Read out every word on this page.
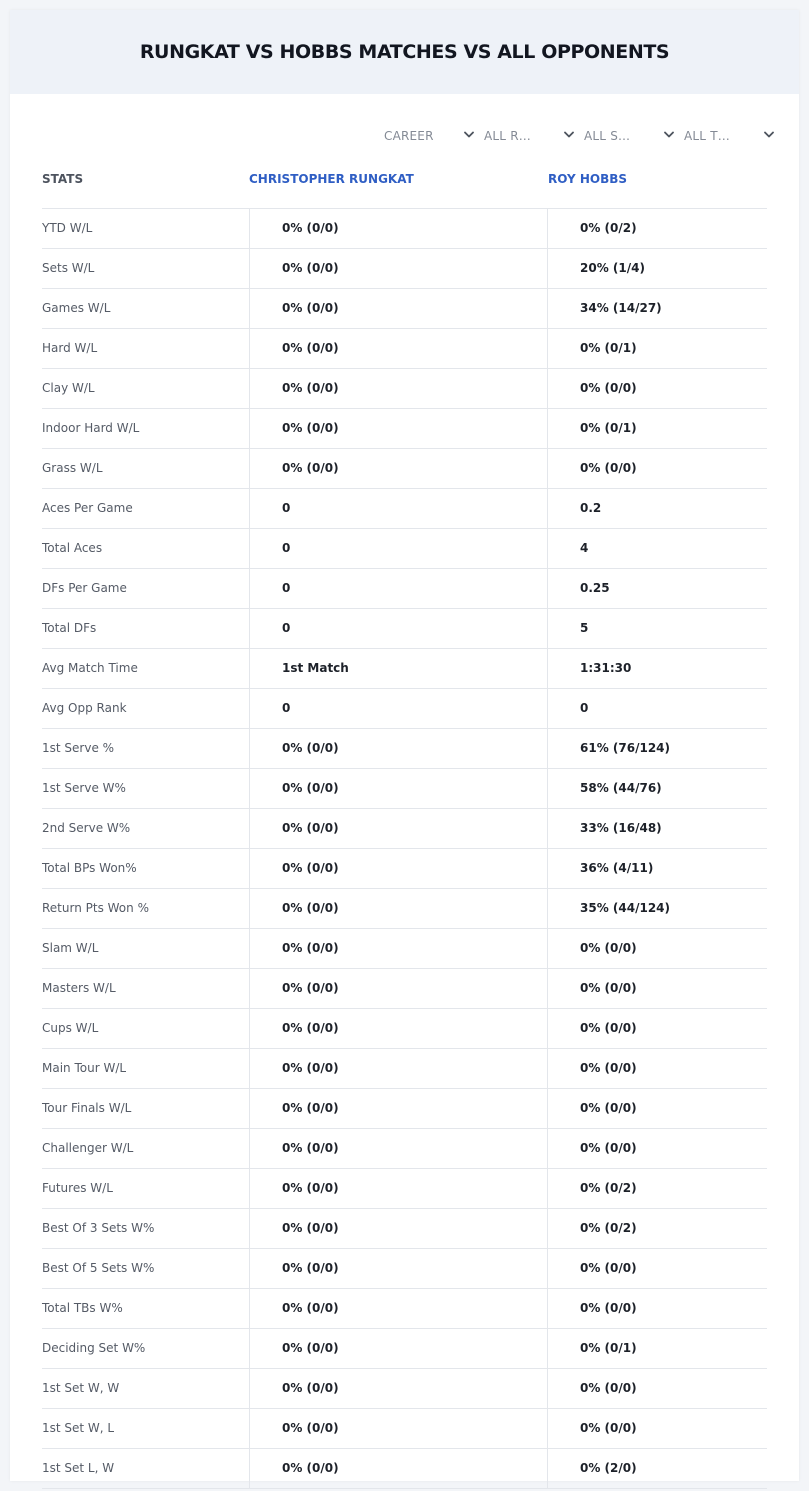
RUNGKAT VS HOBBS MATCHES VS ALL OPPONENTS
CAREER	ALL R…	ALL S…	ALL T…
STATS	CHRISTOPHER RUNGKAT	ROY HOBBS
YTD W/L	0% (0/0)	0% (0/2)
Sets W/L	0% (0/0)	20% (1/4)
Games W/L	0% (0/0)	34% (14/27)
Hard W/L	0% (0/0)	0% (0/1)
Clay W/L	0% (0/0)	0% (0/0)
Indoor Hard W/L	0% (0/0)	0% (0/1)
Grass W/L	0% (0/0)	0% (0/0)
Aces Per Game	0	0.2
Total Aces	0	4
DFs Per Game	0	0.25
Total DFs	0	5
Avg Match Time	1st Match	1:31:30
Avg Opp Rank	0	0
1st Serve %	0% (0/0)	61% (76/124)
1st Serve W%	0% (0/0)	58% (44/76)
2nd Serve W%	0% (0/0)	33% (16/48)
Total BPs Won%	0% (0/0)	36% (4/11)
Return Pts Won %	0% (0/0)	35% (44/124)
Slam W/L	0% (0/0)	0% (0/0)
Masters W/L	0% (0/0)	0% (0/0)
Cups W/L	0% (0/0)	0% (0/0)
Main Tour W/L	0% (0/0)	0% (0/0)
Tour Finals W/L	0% (0/0)	0% (0/0)
Challenger W/L	0% (0/0)	0% (0/0)
Futures W/L	0% (0/0)	0% (0/2)
Best Of 3 Sets W%	0% (0/0)	0% (0/2)
Best Of 5 Sets W%	0% (0/0)	0% (0/0)
Total TBs W%	0% (0/0)	0% (0/0)
Deciding Set W%	0% (0/0)	0% (0/1)
1st Set W, W	0% (0/0)	0% (0/0)
1st Set W, L	0% (0/0)	0% (0/0)
1st Set L, W	0% (0/0)	0% (2/0)
